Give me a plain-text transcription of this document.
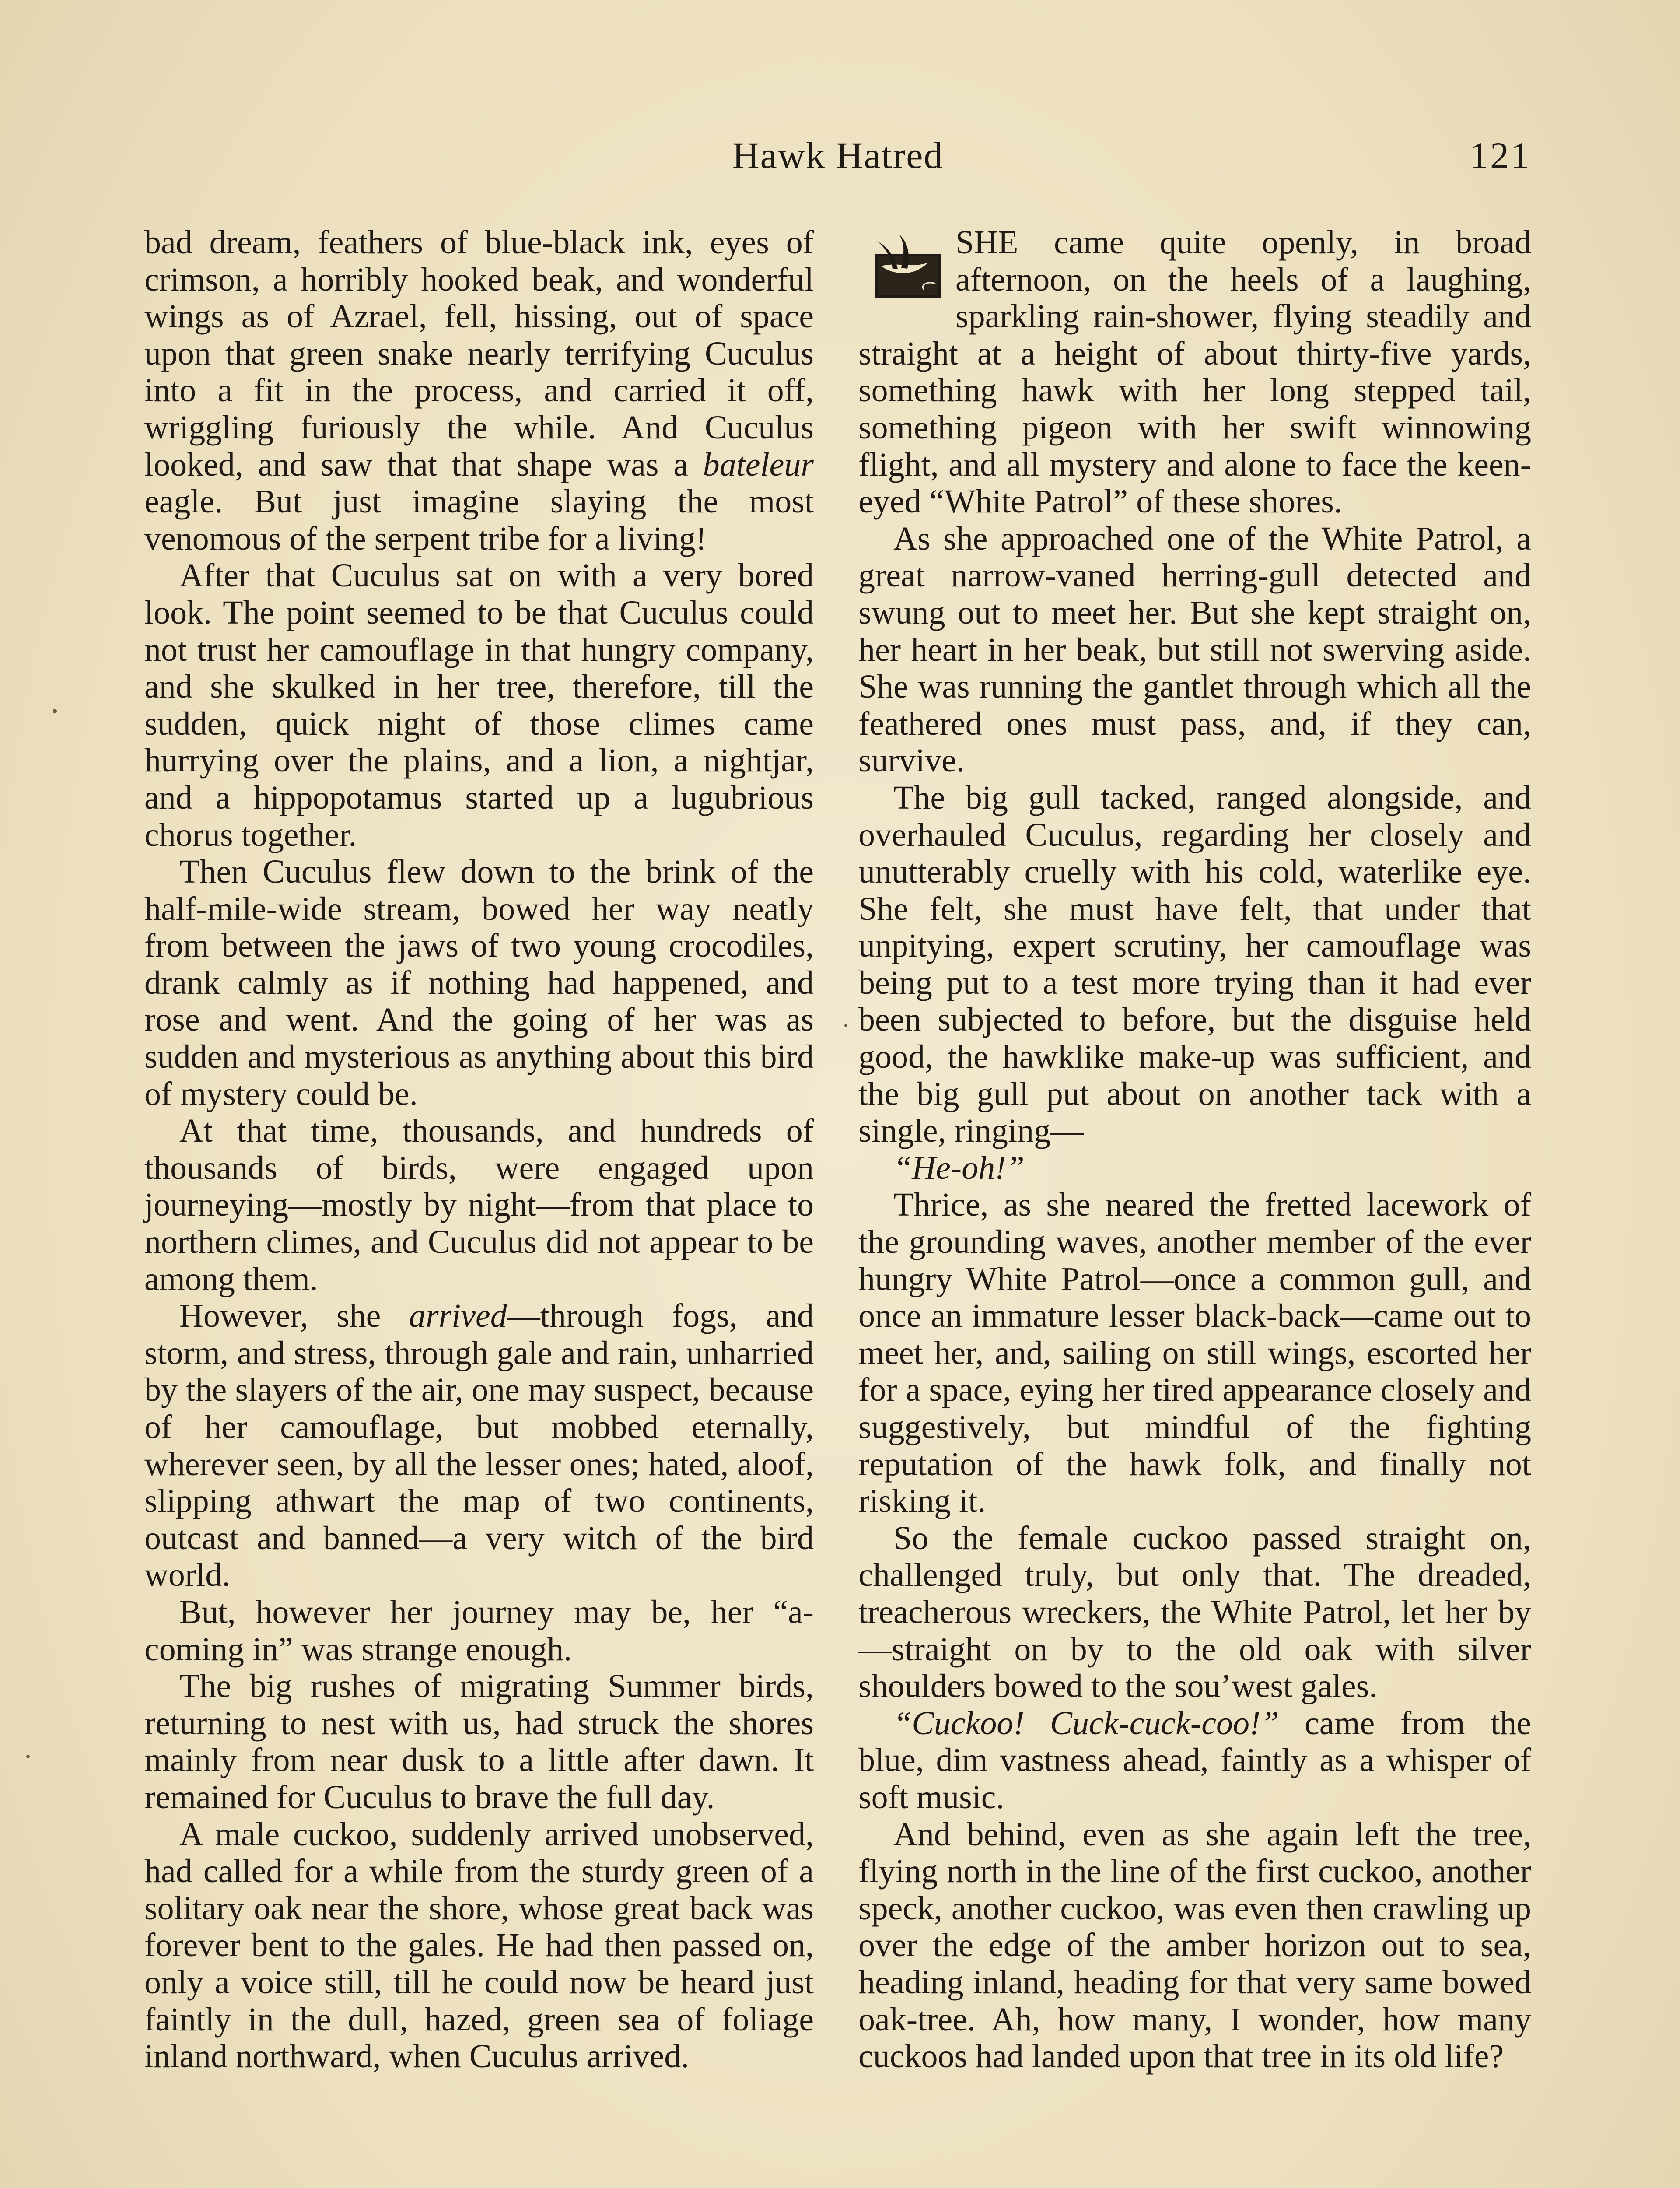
Hawk Hatred	121

bad dream, feathers of blue-black ink, eyes of crimson, a horribly hooked beak, and wonderful wings as of Azrael, fell, hissing, out of space upon that green snake nearly terrifying Cuculus into a fit in the process, and carried it off, wriggling furiously the while. And Cuculus looked, and saw that that shape was a bateleur eagle. But just imagine slaying the most venomous of the serpent tribe for a living!

After that Cuculus sat on with a very bored look. The point seemed to be that Cuculus could not trust her camouflage in that hungry company, and she skulked in her tree, therefore, till the sudden, quick night of those climes came hurrying over the plains, and a lion, a nightjar, and a hippopotamus started up a lugubrious chorus together.

Then Cuculus flew down to the brink of the half-mile-wide stream, bowed her way neatly from between the jaws of two young crocodiles, drank calmly as if nothing had happened, and rose and went. And the going of her was as sudden and mysterious as anything about this bird of mystery could be.

At that time, thousands, and hundreds of thousands of birds, were engaged upon journeying—mostly by night—from that place to northern climes, and Cuculus did not appear to be among them.

However, she arrived—through fogs, and storm, and stress, through gale and rain, unharried by the slayers of the air, one may suspect, because of her camouflage, but mobbed eternally, wherever seen, by all the lesser ones; hated, aloof, slipping athwart the map of two continents, outcast and banned—a very witch of the bird world.

But, however her journey may be, her “a-coming in” was strange enough.

The big rushes of migrating Summer birds, returning to nest with us, had struck the shores mainly from near dusk to a little after dawn. It remained for Cuculus to brave the full day.

A male cuckoo, suddenly arrived unobserved, had called for a while from the sturdy green of a solitary oak near the shore, whose great back was forever bent to the gales. He had then passed on, only a voice still, till he could now be heard just faintly in the dull, hazed, green sea of foliage inland northward, when Cuculus arrived.

SHE came quite openly, in broad afternoon, on the heels of a laughing, sparkling rain-shower, flying steadily and straight at a height of about thirty-five yards, something hawk with her long stepped tail, something pigeon with her swift winnowing flight, and all mystery and alone to face the keen-eyed “White Patrol” of these shores.

As she approached one of the White Patrol, a great narrow-vaned herring-gull detected and swung out to meet her. But she kept straight on, her heart in her beak, but still not swerving aside. She was running the gantlet through which all the feathered ones must pass, and, if they can, survive.

The big gull tacked, ranged alongside, and overhauled Cuculus, regarding her closely and unutterably cruelly with his cold, waterlike eye. She felt, she must have felt, that under that unpitying, expert scrutiny, her camouflage was being put to a test more trying than it had ever been subjected to before, but the disguise held good, the hawklike make-up was sufficient, and the big gull put about on another tack with a single, ringing—

“He-oh!”

Thrice, as she neared the fretted lacework of the grounding waves, another member of the ever hungry White Patrol—once a common gull, and once an immature lesser black-back—came out to meet her, and, sailing on still wings, escorted her for a space, eying her tired appearance closely and suggestively, but mindful of the fighting reputation of the hawk folk, and finally not risking it.

So the female cuckoo passed straight on, challenged truly, but only that. The dreaded, treacherous wreckers, the White Patrol, let her by—straight on by to the old oak with silver shoulders bowed to the sou’west gales.

“Cuckoo! Cuck-cuck-coo!” came from the blue, dim vastness ahead, faintly as a whisper of soft music.

And behind, even as she again left the tree, flying north in the line of the first cuckoo, another speck, another cuckoo, was even then crawling up over the edge of the amber horizon out to sea, heading inland, heading for that very same bowed oak-tree. Ah, how many, I wonder, how many cuckoos had landed upon that tree in its old life?
